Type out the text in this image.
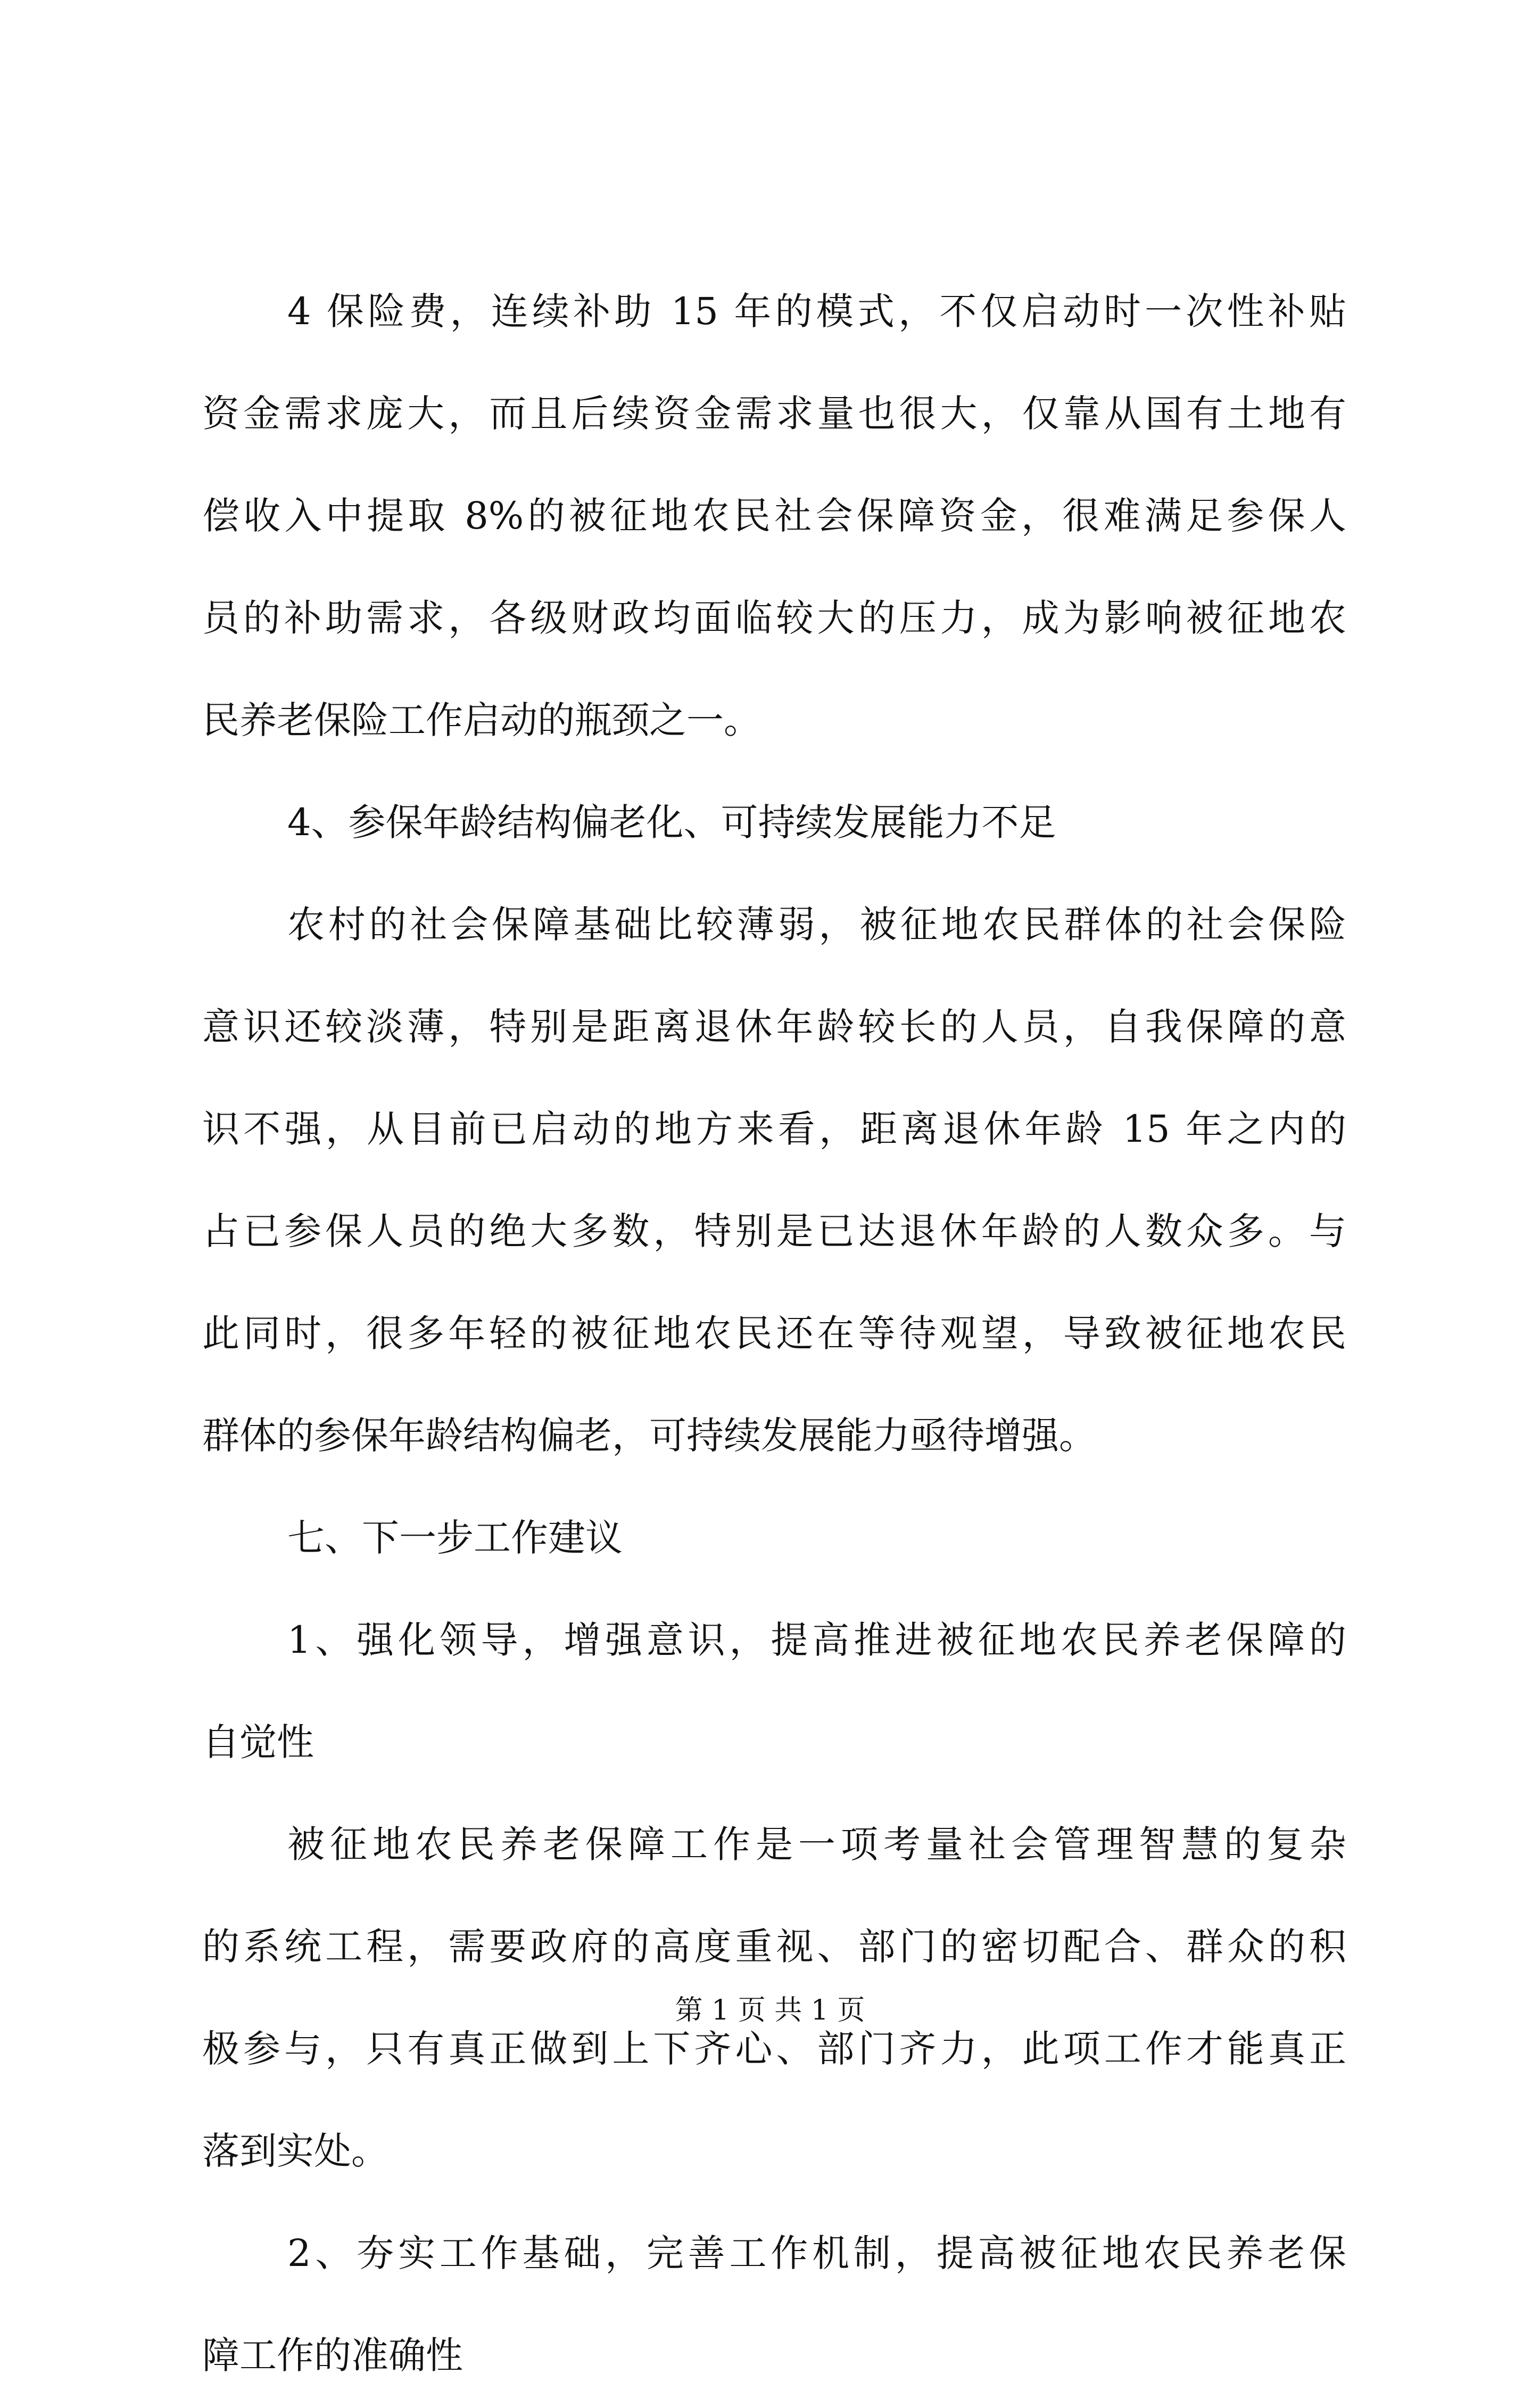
4 保险费，连续补助 15 年的模式，不仅启动时一次性补贴
资金需求庞大，而且后续资金需求量也很大，仅靠从国有土地有
偿收入中提取 8%的被征地农民社会保障资金，很难满足参保人
员的补助需求，各级财政均面临较大的压力，成为影响被征地农
民养老保险工作启动的瓶颈之一。
4、参保年龄结构偏老化、可持续发展能力不足
农村的社会保障基础比较薄弱，被征地农民群体的社会保险
意识还较淡薄，特别是距离退休年龄较长的人员，自我保障的意
识不强，从目前已启动的地方来看，距离退休年龄 15 年之内的
占已参保人员的绝大多数，特别是已达退休年龄的人数众多。与
此同时，很多年轻的被征地农民还在等待观望，导致被征地农民
群体的参保年龄结构偏老，可持续发展能力亟待增强。
七、下一步工作建议
1、强化领导，增强意识，提高推进被征地农民养老保障的
自觉性
被征地农民养老保障工作是一项考量社会管理智慧的复杂
的系统工程，需要政府的高度重视、部门的密切配合、群众的积
极参与，只有真正做到上下齐心、部门齐力，此项工作才能真正
落到实处。
2、夯实工作基础，完善工作机制，提高被征地农民养老保
障工作的准确性
第 1 页 共 1 页
